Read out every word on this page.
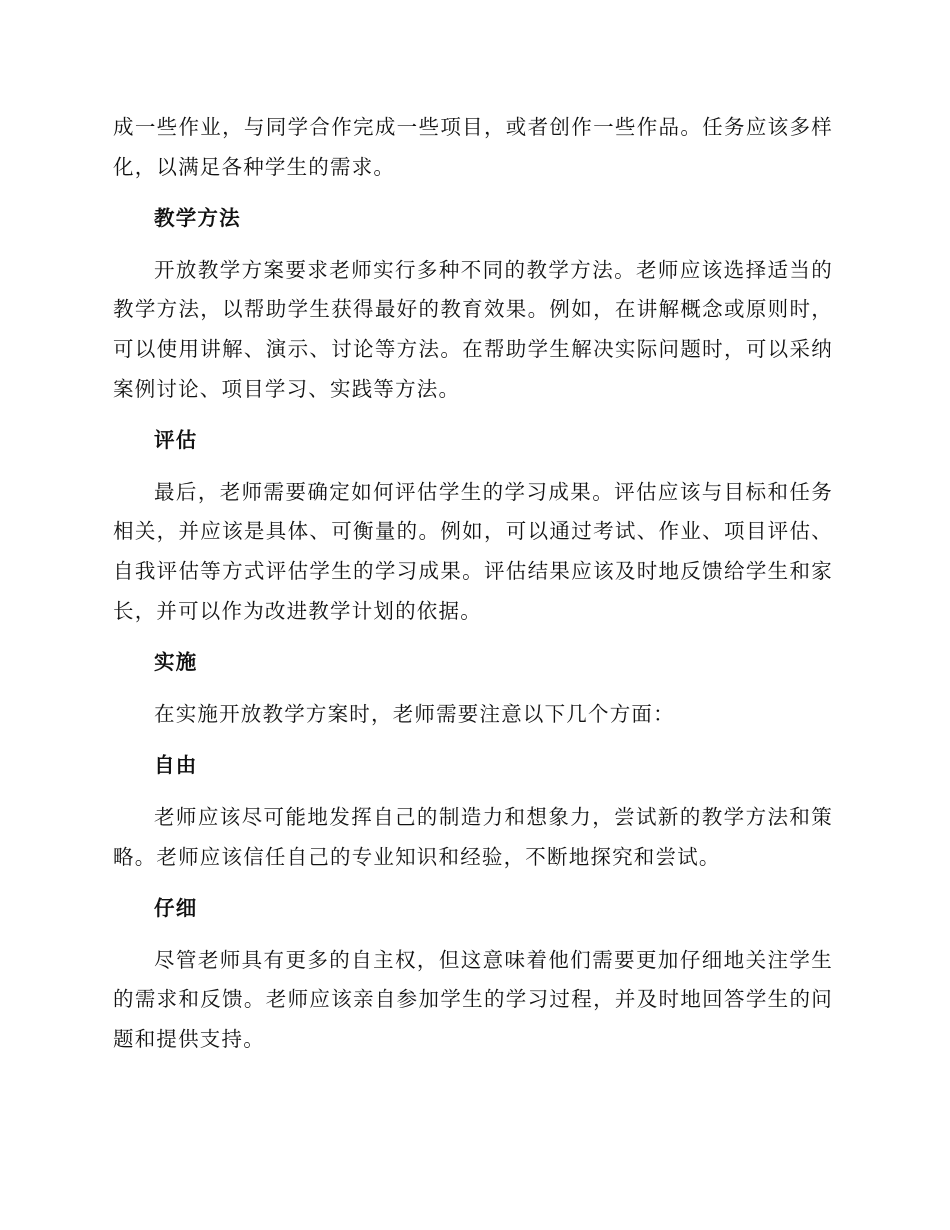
成一些作业，与同学合作完成一些项目，或者创作一些作品。任务应该多样化，以满足各种学生的需求。

教学方法

开放教学方案要求老师实行多种不同的教学方法。老师应该选择适当的教学方法，以帮助学生获得最好的教育效果。例如，在讲解概念或原则时，可以使用讲解、演示、讨论等方法。在帮助学生解决实际问题时，可以采纳案例讨论、项目学习、实践等方法。

评估

最后，老师需要确定如何评估学生的学习成果。评估应该与目标和任务相关，并应该是具体、可衡量的。例如，可以通过考试、作业、项目评估、自我评估等方式评估学生的学习成果。评估结果应该及时地反馈给学生和家长，并可以作为改进教学计划的依据。

实施

在实施开放教学方案时，老师需要注意以下几个方面：

自由

老师应该尽可能地发挥自己的制造力和想象力，尝试新的教学方法和策略。老师应该信任自己的专业知识和经验，不断地探究和尝试。

仔细

尽管老师具有更多的自主权，但这意味着他们需要更加仔细地关注学生的需求和反馈。老师应该亲自参加学生的学习过程，并及时地回答学生的问题和提供支持。
